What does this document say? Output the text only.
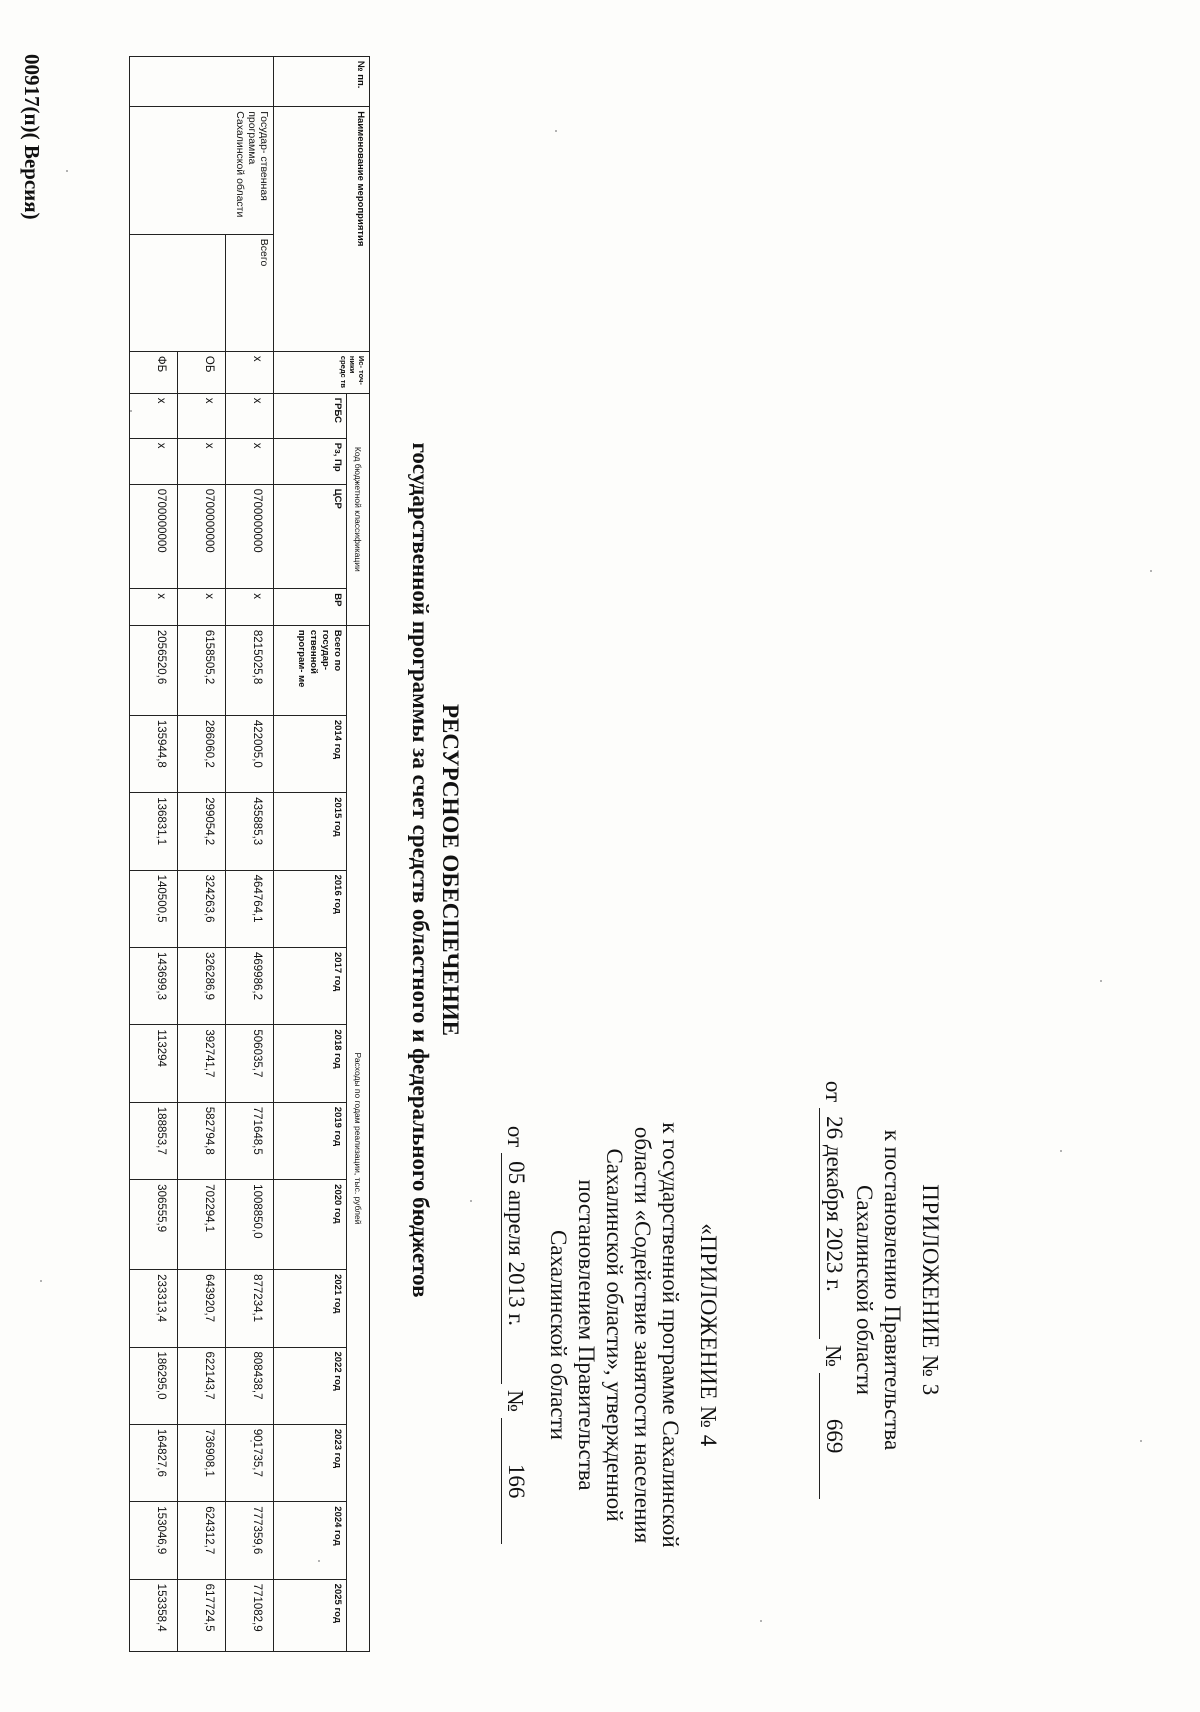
ПРИЛОЖЕНИЕ № 3
к постановлению Правительства
Сахалинской области
от
26 декабря 2023 г.
№
669
«ПРИЛОЖЕНИЕ № 4
к государственной программе Сахалинской
области «Содействие занятости населения
Сахалинской области», утвержденной
постановлением Правительства
Сахалинской области
от
05 апреля 2013 г.
№
166
РЕСУРСНОЕ ОБЕСПЕЧЕНИЕ
государственной программы за счет средств областного и федерального бюджетов
№ пп.	Наименование мероприятия		Ис- точ- ники средс тв	Код бюджетной классификации				Расходы по годам реализации, тыс. рублей												
				ГРБС	Рз, Пр	ЦСР	ВР	Всего по государ- ственной програм- ме	2014 год	2015 год	2016 год	2017 год	2018 год	2019 год	2020 год	2021 год	2022 год	2023 год	2024 год	2025 год
	Государ- ственная программа Сахалинской области	Всего	х	х	х	0700000000	х	8215025,8	422005,0	435885,3	464764,1	469986,2	506035,7	771648,5	1008850,0	877234,1	808438,7	901735,7	777359,6	771082,9
			ОБ	х	х	0700000000	х	6158505,2	286060,2	299054,2	324263,6	326286,9	392741,7	582794,8	702294,1	643920,7	622143,7	736908,1	624312,7	617724,5
			ФБ	х	х	0700000000	х	2056520,6	135944,8	136831,1	140500,5	143699,3	113294	188853,7	306555,9	233313,4	186295,0	164827,6	153046,9	153358,4
00917(п)( Версия)
